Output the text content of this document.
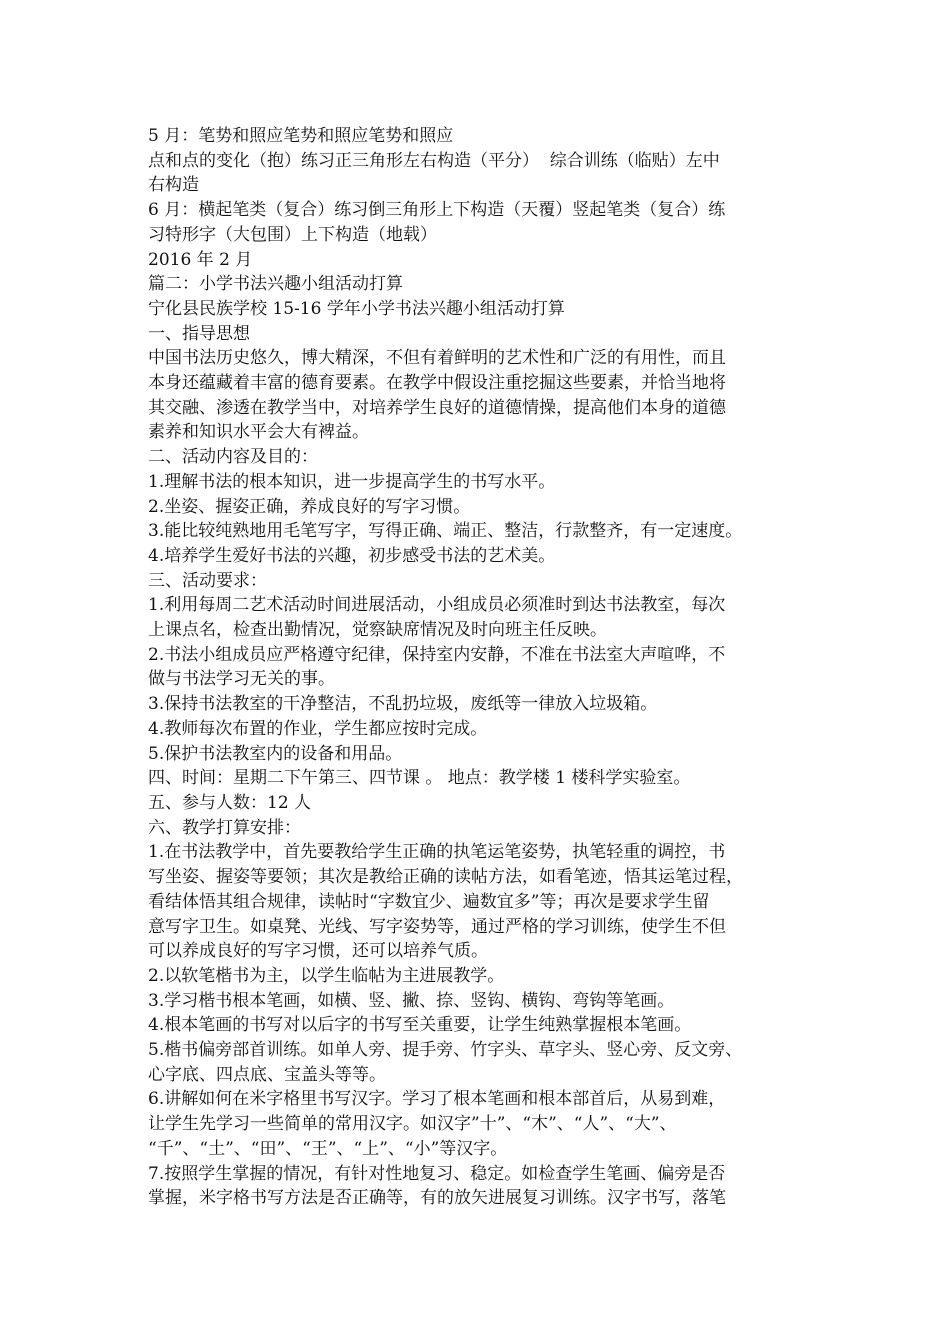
5 月：笔势和照应笔势和照应笔势和照应
点和点的变化（抱）练习正三角形左右构造（平分）  综合训练（临贴）左中
右构造
6 月：横起笔类（复合）练习倒三角形上下构造（天覆）竖起笔类（复合）练
习特形字（大包围）上下构造（地载）
2016 年 2 月
篇二：小学书法兴趣小组活动打算
宁化县民族学校 15-16 学年小学书法兴趣小组活动打算
一、指导思想
中国书法历史悠久，博大精深，不但有着鲜明的艺术性和广泛的有用性，而且
本身还蕴藏着丰富的德育要素。在教学中假设注重挖掘这些要素，并恰当地将
其交融、渗透在教学当中，对培养学生良好的道德情操，提高他们本身的道德
素养和知识水平会大有裨益。
二、活动内容及目的：
1.理解书法的根本知识，进一步提高学生的书写水平。
2.坐姿、握姿正确，养成良好的写字习惯。
3.能比较纯熟地用毛笔写字，写得正确、端正、整洁，行款整齐，有一定速度。
4.培养学生爱好书法的兴趣，初步感受书法的艺术美。
三、活动要求：
1.利用每周二艺术活动时间进展活动，小组成员必须准时到达书法教室，每次
上课点名，检查出勤情况，觉察缺席情况及时向班主任反映。
2.书法小组成员应严格遵守纪律，保持室内安静，不准在书法室大声喧哗，不
做与书法学习无关的事。
3.保持书法教室的干净整洁，不乱扔垃圾，废纸等一律放入垃圾箱。
4.教师每次布置的作业，学生都应按时完成。
5.保护书法教室内的设备和用品。
四、时间：星期二下午第三、四节课 。 地点：教学楼 1 楼科学实验室。
五、参与人数：12 人
六、教学打算安排：
1.在书法教学中，首先要教给学生正确的执笔运笔姿势，执笔轻重的调控，书
写坐姿、握姿等要领；其次是教给正确的读帖方法，如看笔迹，悟其运笔过程，
看结体悟其组合规律，读帖时“字数宜少、遍数宜多”等；再次是要求学生留
意写字卫生。如桌凳、光线、写字姿势等，通过严格的学习训练，使学生不但
可以养成良好的写字习惯，还可以培养气质。
2.以软笔楷书为主，以学生临帖为主进展教学。
3.学习楷书根本笔画，如横、竖、撇、捺、竖钩、横钩、弯钩等笔画。
4.根本笔画的书写对以后字的书写至关重要，让学生纯熟掌握根本笔画。
5.楷书偏旁部首训练。如单人旁、提手旁、竹字头、草字头、竖心旁、反文旁、
心字底、四点底、宝盖头等等。
6.讲解如何在米字格里书写汉字。学习了根本笔画和根本部首后，从易到难，
让学生先学习一些简单的常用汉字。如汉字”十”、“木”、“人”、“大”、
“千”、“土”、“田”、“王”、“上”、“小”等汉字。
7.按照学生掌握的情况，有针对性地复习、稳定。如检查学生笔画、偏旁是否
掌握，米字格书写方法是否正确等，有的放矢进展复习训练。汉字书写，落笔
